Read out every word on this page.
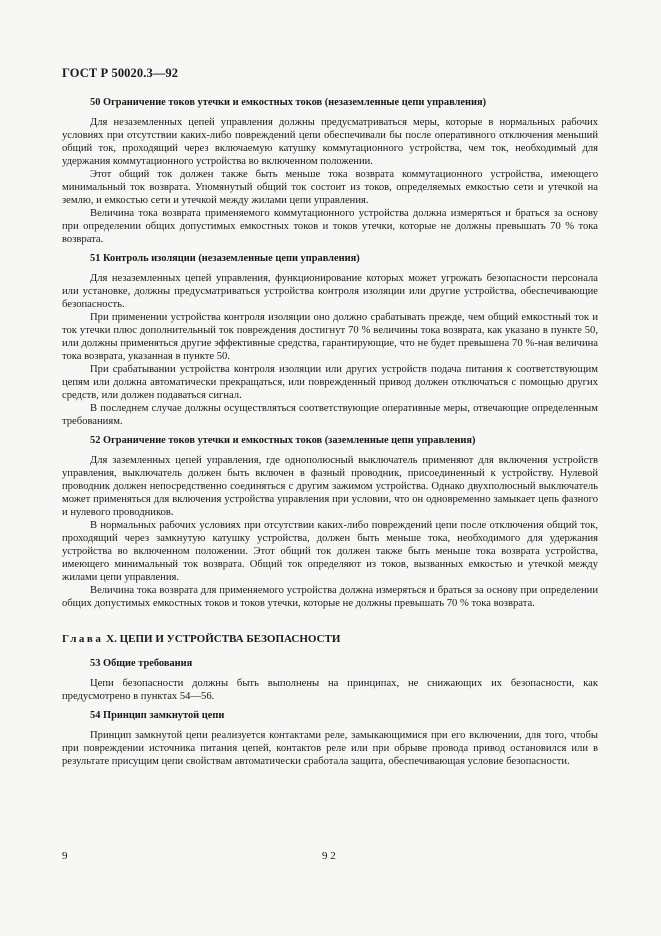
ГОСТ Р 50020.3—92

50 Ограничение токов утечки и емкостных токов (незаземленные цепи управления)

Для незаземленных цепей управления должны предусматриваться меры, которые в нормальных рабочих условиях при отсутствии каких-либо повреждений цепи обеспечивали бы после оперативного отключения меньший общий ток, проходящий через включаемую катушку коммутационного устройства, чем ток, необходимый для удержания коммутационного устройства во включенном положении.

Этот общий ток должен также быть меньше тока возврата коммутационного устройства, имеющего минимальный ток возврата. Упомянутый общий ток состоит из токов, определяемых емкостью сети и утечкой на землю, и емкостью сети и утечкой между жилами цепи управления.

Величина тока возврата применяемого коммутационного устройства должна измеряться и браться за основу при определении общих допустимых емкостных токов и токов утечки, которые не должны превышать 70 % тока возврата.

51 Контроль изоляции (незаземленные цепи управления)

Для незаземленных цепей управления, функционирование которых может угрожать безопасности персонала или установке, должны предусматриваться устройства контроля изоляции или другие устройства, обеспечивающие безопасность.

При применении устройства контроля изоляции оно должно срабатывать прежде, чем общий емкостный ток и ток утечки плюс дополнительный ток повреждения достигнут 70 % величины тока возврата, как указано в пункте 50, или должны применяться другие эффективные средства, гарантирующие, что не будет превышена 70 %-ная величина тока возврата, указанная в пункте 50.

При срабатывании устройства контроля изоляции или других устройств подача питания к соответствующим цепям или должна автоматически прекращаться, или поврежденный привод должен отключаться с помощью других средств, или должен подаваться сигнал.

В последнем случае должны осуществляться соответствующие оперативные меры, отвечающие определенным требованиям.

52 Ограничение токов утечки и емкостных токов (заземленные цепи управления)

Для заземленных цепей управления, где однополюсный выключатель применяют для включения устройств управления, выключатель должен быть включен в фазный проводник, присоединенный к устройству. Нулевой проводник должен непосредственно соединяться с другим зажимом устройства. Однако двухполюсный выключатель может применяться для включения устройства управления при условии, что он одновременно замыкает цепь фазного и нулевого проводников.

В нормальных рабочих условиях при отсутствии каких-либо повреждений цепи после отключения общий ток, проходящий через замкнутую катушку устройства, должен быть меньше тока, необходимого для удержания устройства во включенном положении. Этот общий ток должен также быть меньше тока возврата устройства, имеющего минимальный ток возврата. Общий ток определяют из токов, вызванных емкостью и утечкой между жилами цепи управления.

Величина тока возврата для применяемого устройства должна измеряться и браться за основу при определении общих допустимых емкостных токов и токов утечки, которые не должны превышать 70 % тока возврата.

Глава X. ЦЕПИ И УСТРОЙСТВА БЕЗОПАСНОСТИ

53 Общие требования

Цепи безопасности должны быть выполнены на принципах, не снижающих их безопасности, как предусмотрено в пунктах 54—56.

54 Принцип замкнутой цепи

Принцип замкнутой цепи реализуется контактами реле, замыкающимися при его включении, для того, чтобы при повреждении источника питания цепей, контактов реле или при обрыве провода привод остановился или в результате присущим цепи свойствам автоматически сработала защита, обеспечивающая условие безопасности.

9	9 2
